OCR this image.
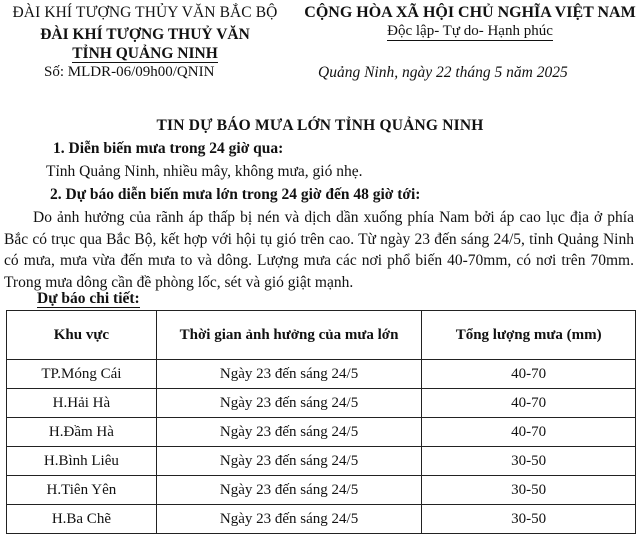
ĐÀI KHÍ TƯỢNG THỦY VĂN BẮC BỘ
ĐÀI KHÍ TƯỢNG THUỶ VĂN
TỈNH QUẢNG NINH
Số: MLDR-06/09h00/QNIN
CỘNG HÒA XÃ HỘI CHỦ NGHĨA VIỆT NAM
Độc lập- Tự do- Hạnh phúc
Quảng Ninh, ngày 22 tháng 5 năm 2025
TIN DỰ BÁO MƯA LỚN TỈNH QUẢNG NINH
1. Diễn biến mưa trong 24 giờ qua:
Tỉnh Quảng Ninh, nhiều mây, không mưa, gió nhẹ.
2. Dự báo diễn biến mưa lớn trong 24 giờ đến 48 giờ tới:
Do ảnh hưởng của rãnh áp thấp bị nén và dịch dần xuống phía Nam bởi áp cao lục địa ở phía Bắc có trục qua Bắc Bộ, kết hợp với hội tụ gió trên cao. Từ ngày 23 đến sáng 24/5, tỉnh Quảng Ninh có mưa, mưa vừa đến mưa to và dông. Lượng mưa các nơi phổ biến 40-70mm, có nơi trên 70mm. Trong mưa dông cần đề phòng lốc, sét và gió giật mạnh.
Dự báo chi tiết:
Khu vực	Thời gian ảnh hưởng của mưa lớn	Tổng lượng mưa (mm)
TP.Móng Cái	Ngày 23 đến sáng 24/5	40-70
H.Hải Hà	Ngày 23 đến sáng 24/5	40-70
H.Đầm Hà	Ngày 23 đến sáng 24/5	40-70
H.Bình Liêu	Ngày 23 đến sáng 24/5	30-50
H.Tiên Yên	Ngày 23 đến sáng 24/5	30-50
H.Ba Chẽ	Ngày 23 đến sáng 24/5	30-50
